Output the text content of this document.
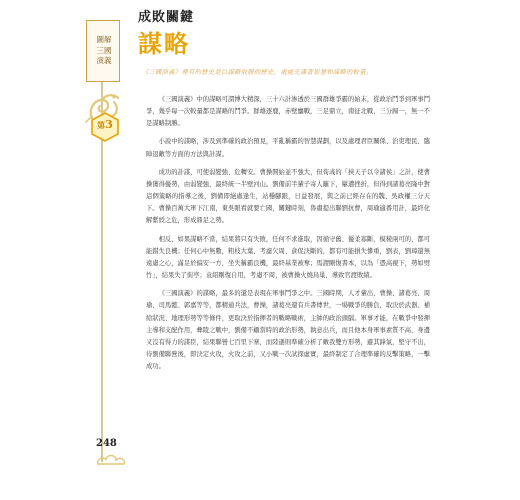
圖解三國演義
第3
248
成敗關鍵
謀略
《三國演義》裡有的歷史是以謀略取勝的歷史，處處充滿著智慧和謀略的較量。

《三國演義》中的謀略可謂博大精深，三十六計渗透於三國群雄爭霸的始末，從政治鬥爭到軍事鬥爭，幾乎每一次較量都是謀略的鬥爭。群雄逐鹿，赤壁鏖戰，三足鼎立，南征北戰，三分歸一，無一不是謀略制勝。

小說中的謀略，涉及到準確的政治預見，平亂稱霸的智慧謀劃，以及處理君臣關係、治吏理民、臨陣退敵等方面的方法與計謀。

成功的計謀，可使弱變強、危轉安。曹操開始並不強大，但荀彧的「挾天子以令諸侯」之計，使曹操獲得優勢，由弱變強，最終統一半壁河山。劉備前半輩子寄人籬下，屢遭挫折，但得到諸葛亮隆中對這個策略的指導之後，劉備即絕處逢生，站穩腳跟，日益發展，與之前已經存在的魏、吳政權三分天下。曹操百萬大軍下江南，東吳眼看就要亡國，關鍵時刻，魯肅提出聯劉抗曹，周瑜適番用計，最終化解紫綬之危，形成鼎足之勢。

相反，如果謀略不當，結果將只有失敗，任何不求進取，因循守舊、優柔寡斷，模稜兩可的，都可能錯失良機；任何心中無數，粗枝大葉、考慮欠周、貪促決斷的，都有可能損失慘重，劉表，劉璋還無遠慮之心，滿足於偏安一方，坐失稱霸良機，最終基業被奪；馬謖剛愎書本，以為「憑高視下，勢如劈竹」，結果失了街亭；袁紹剛復自用，考慮不周，被曹操火燒烏巢，導致官渡敗績。

《三國演義》的謀略，最多的還是表現在軍事鬥爭之中。三國時期，人才輩出，曹操、諸葛亮、周瑜、司馬懿、郭嘉等等，都精通兵法，曹操，諸葛亮還有兵書傳世，一場戰爭的勝負，取決於武器、補給狀況、地理形勢等等條件，更取決於指揮者的戰略戰術，主帥的政治頭腦。軍事才能，在戰爭中發揮主導和支配作用，彝陵之戰中，劉備不顧當時的政治形勢，執意出兵，而且他本身軍事素質不高，身邊又沒有得力的謀臣，結果聯營七百里下寨，而陸遜則準確分析了敵我雙方形勢，避其鋒氣，堅守不出，待劉備聯營後，即決定火攻，火攻之前，又小戰一次試探虛實，最終制定了合理準確的反擊策略，一擊成功。
